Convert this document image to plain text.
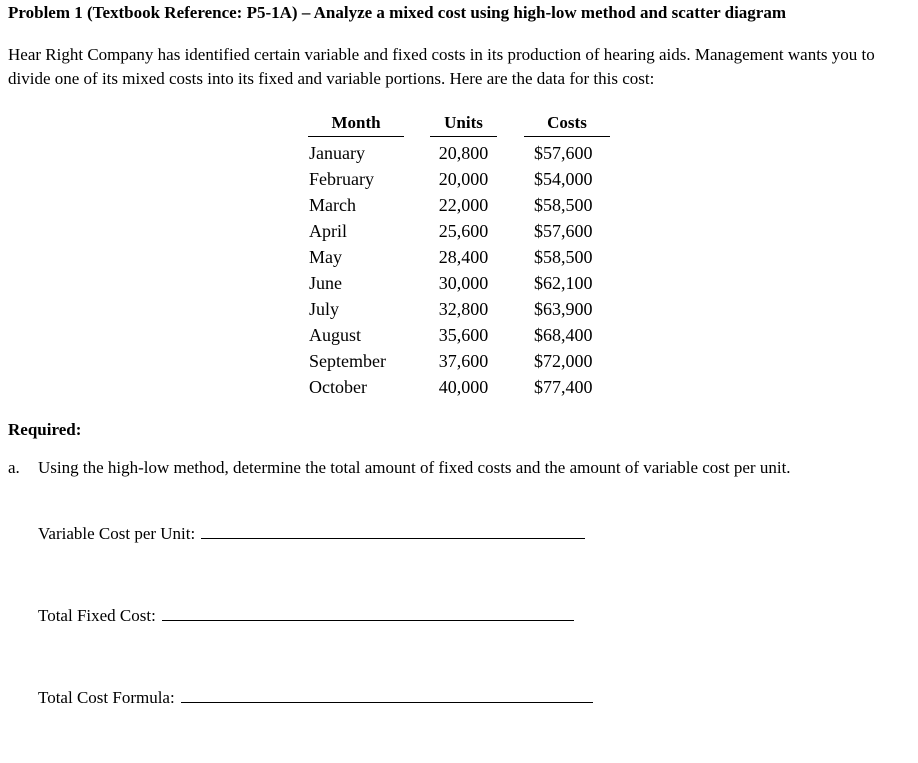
Problem 1 (Textbook Reference: P5-1A) – Analyze a mixed cost using high-low method and scatter diagram
Hear Right Company has identified certain variable and fixed costs in its production of hearing aids. Management wants you to divide one of its mixed costs into its fixed and variable portions. Here are the data for this cost:
Month
January
February
March
April
May
June
July
August
September
October
Units
20,800
20,000
22,000
25,600
28,400
30,000
32,800
35,600
37,600
40,000
Costs
$57,600
$54,000
$58,500
$57,600
$58,500
$62,100
$63,900
$68,400
$72,000
$77,400
Required:
a. Using the high-low method, determine the total amount of fixed costs and the amount of variable cost per unit.
Variable Cost per Unit:
Total Fixed Cost:
Total Cost Formula:
